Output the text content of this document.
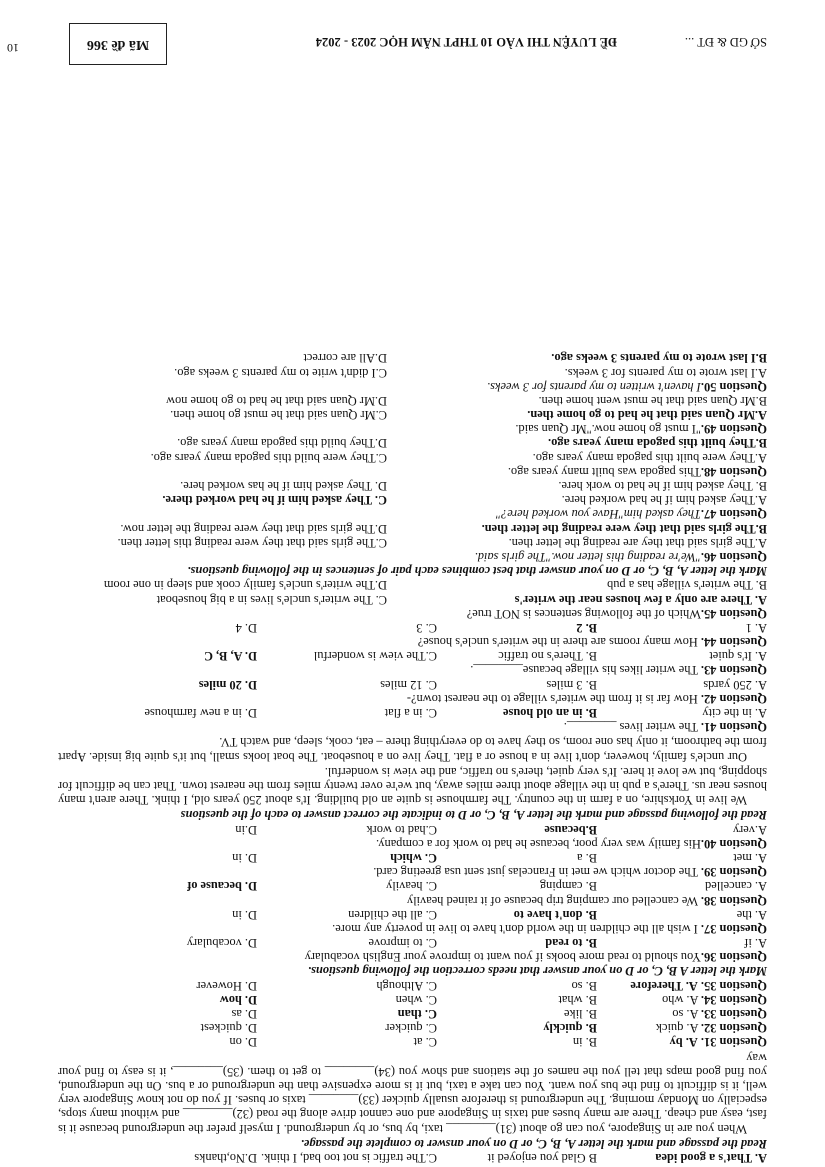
A. That's a good idea
B Glad you enjoyed it
C.The traffic is not too bad, I think.
D.No,thanks
Read the passage and mark the letter A, B, C, or D on your answer to complete the passage.
When you are in Singapore, you can go about (31)________ taxi, by bus, or by underground. I myself prefer the underground because it is fast, easy and cheap. There are many buses and taxis in Singapore and one cannot drive along the road (32)________ and without many stops, especially on Monday morning. The underground is therefore usually quicker (33)________ taxis or buses. If you do not know Singapore very well, it is difficult to find the bus you want. You can take a taxi, but it is more expensive than the underground or a bus. On the underground, you find good maps that tell you the names of the stations and show you (34)________ to get to them. (35)________, it is easy to find your way
Question 31. A. by
B. in
C. at
D. on
Question 32. A. quick
B. quickly
C. quicker
D. quickest
Question 33. A. so
B. like
C. than
D. as
Question 34. A. who
B. what
C. when
D. how
Question 35. A. Therefore
B. so
C. Although
D. However
Mark the letter A B, C, or D on your answer that needs correction the following questions.
Question 36.You should to read more books if you want to improve your English vocabulary
A. if
B. to read
C. to improve
D. vocabulary
Question 37. I wish all the children in the world don't have to live in poverty any more.
A. the
B. don't have to
C. all the children
D. in
Question 38. We cancelled our camping trip because of it rained heavily
A. cancelled
B. camping
C. heavily
D. because of
Question 39. The doctor which we met in Francelas just sent usa greeting card.
A. met
B. a
C. which
D. in
Question 40.His family was very poor, because he had to work for a company.
A.very
B.because
C.had to work
D.in
Read the following passage and mark the letter A, B, C, or D to indicate the correct answer to each of the questions
We live in Yorkshire, on a farm in the country. The farmhouse is quite an old building. It's about 250 years old, I think. There aren't many houses near us. There's a pub in the village about three miles away, but we're over twenty miles from the nearest town. That can be difficult for shopping, but we love it here. It's very quiet, there's no traffic, and the view is wonderful.
Our uncle's family, however, don't live in a house or a flat. They live on a houseboat. The boat looks small, but it's quite big inside. Apart from the bathroom, it only has one room, so they have to do everything there – eat, cook, sleep, and watch TV.
Question 41. The writer lives ________.
A. in the city
B. in an old house
C. in a flat
D. in a new farmhouse
Question 42. How far is it from the writer's village to the nearest town?-
A. 250 yards
B. 3 miles
C. 12 miles
D. 20 miles
Question 43. The writer likes his village because________.
A. It's quiet
B. There's no traffic
C.The view is wonderful
D. A, B, C
Question 44. How many rooms are there in the writer's uncle's house?
A. 1
B. 2
C. 3
D. 4
Question 45.Which of the following sentences is NOT true?
A. There are only a few houses near the writer's
C. The writer's uncle's lives in a big houseboat
B. The writer's village has a pub
D.The writer's uncle's family cook and sleep in one room
Mark the letter A, B, C, or D on your answer that best combines each pair of sentences in the following questions.
Question 46."We're reading this letter now."The girls said.
A.The girls said that they are reading the letter then.
C.The girls said that they were reading this letter then.
B.The girls said that they were reading the letter then.
D.The girls said that they were reading the letter now.
Question 47.They asked him"Have you worked here?"
A.They asked him if he had worked here.
C. They asked him if he had worked there.
B. They asked him if he had to work here.
D. They asked him if he has worked here.
Question 48.This pagoda was built many years ago.
A.They were built this pagoda many years ago.
C.They were build this pagoda many years ago.
B.They built this pagoda many years ago.
D.They build this pagoda many years ago.
Question 49."I must go home now."Mr Quan said.
A.Mr Quan said that he had to go home then.
C.Mr Quan said that he must go home then.
B.Mr Quan said that he must went home then.
D.Mr Quan said that he had to go home now
Question 50.I haven't written to my parents for 3 weeks.
A.I last wrote to my parents for 3 weeks.
C.I didn't write to my parents 3 weeks ago.
B.I last wrote to my parents 3 weeks ago.
D.All are correct
SỞ GD & ĐT ...
ĐỀ LUYỆN THI VÀO 10 THPT NĂM HỌC 2023 - 2024
Mã đề 366
10
